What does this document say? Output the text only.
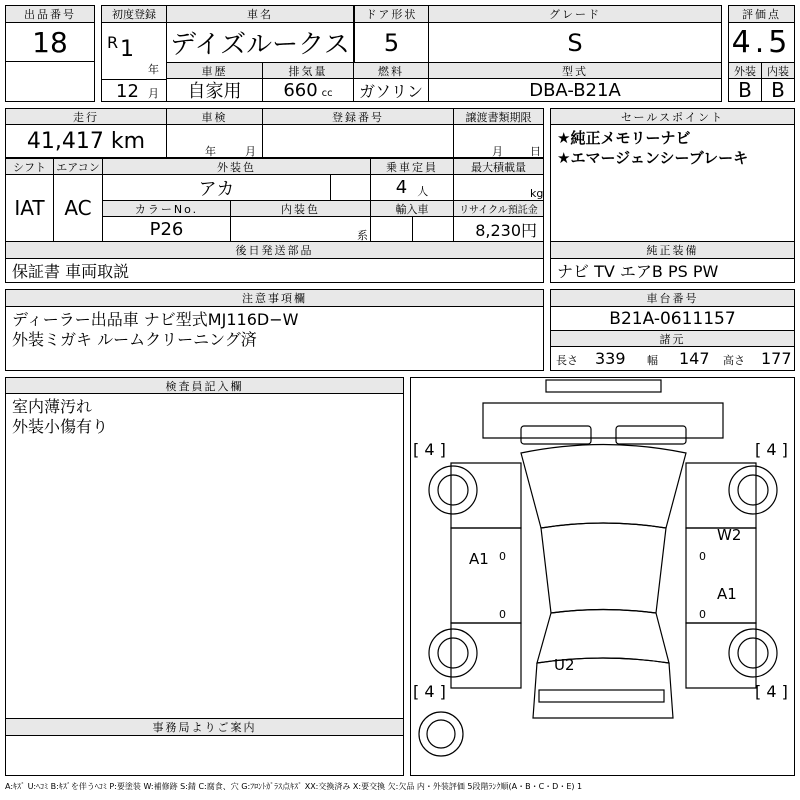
出品番号
18
初度登録
R 1
年
12 月
車名
デイズルークス
ドア形状
5
グレード
S
評価点
4.5
車歴
自家用
排気量
660 cc
燃料
ガソリン
型式
DBA-B21A
外装	内装
B B
走行
41,417 km
車検
年	月
登録番号	譲渡書類期限
月 日
セールスポイント
★純正メモリーナビ
★エマージェンシーブレーキ
シフト エアコン
IAT AC
外装色
アカ
乗車定員
4 人
最大積載量
kg
カラーNo.
P26
内装色
系
輸入車	リサイクル預託金
8,230円
後日発送部品
保証書 車両取説
純正装備
ナビ TV エアB PS PW
注意事項欄
ディーラー出品車 ナビ型式MJ116D−W
外装ミガキ ルームクリーニング済
車台番号
B21A-0611157
諸元
長さ 339 幅 147 高さ 177
検査員記入欄
室内薄汚れ
外装小傷有り
事務局よりご案内
[ 4 ]	[ 4 ]
[ 4 ]	[ 4 ]
A1 0
0
W2
A1
0
0
U2
A:ｷｽﾞ U:ﾍｺﾐ B:ｷｽﾞを伴うﾍｺﾐ P:要塗装 W:補修跡 S:錆 C:腐食、穴 G:ﾌﾛﾝﾄｶﾞﾗｽ点ｷｽﾞ XX:交換済み X:要交換 欠:欠品 内・外装評価 5段階ﾗﾝｸ順(A・B・C・D・E) 1
